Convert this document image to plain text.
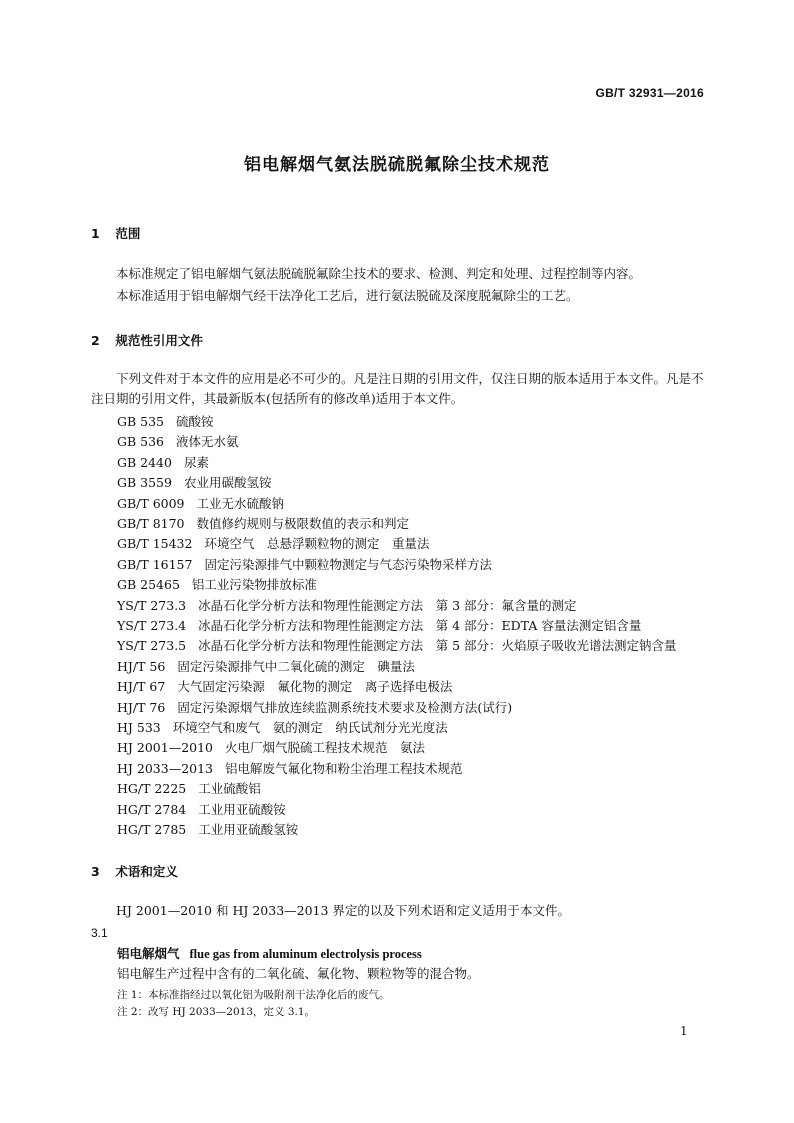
GB/T 32931—2016
铝电解烟气氨法脱硫脱氟除尘技术规范
1 范围
本标准规定了铝电解烟气氨法脱硫脱氟除尘技术的要求、检测、判定和处理、过程控制等内容。
本标准适用于铝电解烟气经干法净化工艺后，进行氨法脱硫及深度脱氟除尘的工艺。
2 规范性引用文件
下列文件对于本文件的应用是必不可少的。凡是注日期的引用文件，仅注日期的版本适用于本文件。凡是不注日期的引用文件，其最新版本(包括所有的修改单)适用于本文件。
GB 535 硫酸铵
GB 536 液体无水氨
GB 2440 尿素
GB 3559 农业用碳酸氢铵
GB/T 6009 工业无水硫酸钠
GB/T 8170 数值修约规则与极限数值的表示和判定
GB/T 15432 环境空气　总悬浮颗粒物的测定　重量法
GB/T 16157 固定污染源排气中颗粒物测定与气态污染物采样方法
GB 25465 铝工业污染物排放标准
YS/T 273.3 冰晶石化学分析方法和物理性能测定方法　第 3 部分：氟含量的测定
YS/T 273.4 冰晶石化学分析方法和物理性能测定方法　第 4 部分：EDTA 容量法测定铝含量
YS/T 273.5 冰晶石化学分析方法和物理性能测定方法　第 5 部分：火焰原子吸收光谱法测定钠含量
HJ/T 56 固定污染源排气中二氧化硫的测定　碘量法
HJ/T 67 大气固定污染源　氟化物的测定　离子选择电极法
HJ/T 76 固定污染源烟气排放连续监测系统技术要求及检测方法(试行)
HJ 533 环境空气和废气　氨的测定　纳氏试剂分光光度法
HJ 2001—2010 火电厂烟气脱硫工程技术规范　氨法
HJ 2033—2013 铝电解废气氟化物和粉尘治理工程技术规范
HG/T 2225 工业硫酸铝
HG/T 2784 工业用亚硫酸铵
HG/T 2785 工业用亚硫酸氢铵
3 术语和定义
HJ 2001—2010 和 HJ 2033—2013 界定的以及下列术语和定义适用于本文件。
3.1
铝电解烟气 flue gas from aluminum electrolysis process
铝电解生产过程中含有的二氧化硫、氟化物、颗粒物等的混合物。
注 1：本标准指经过以氧化铝为吸附剂干法净化后的废气。
注 2：改写 HJ 2033—2013，定义 3.1。
1
